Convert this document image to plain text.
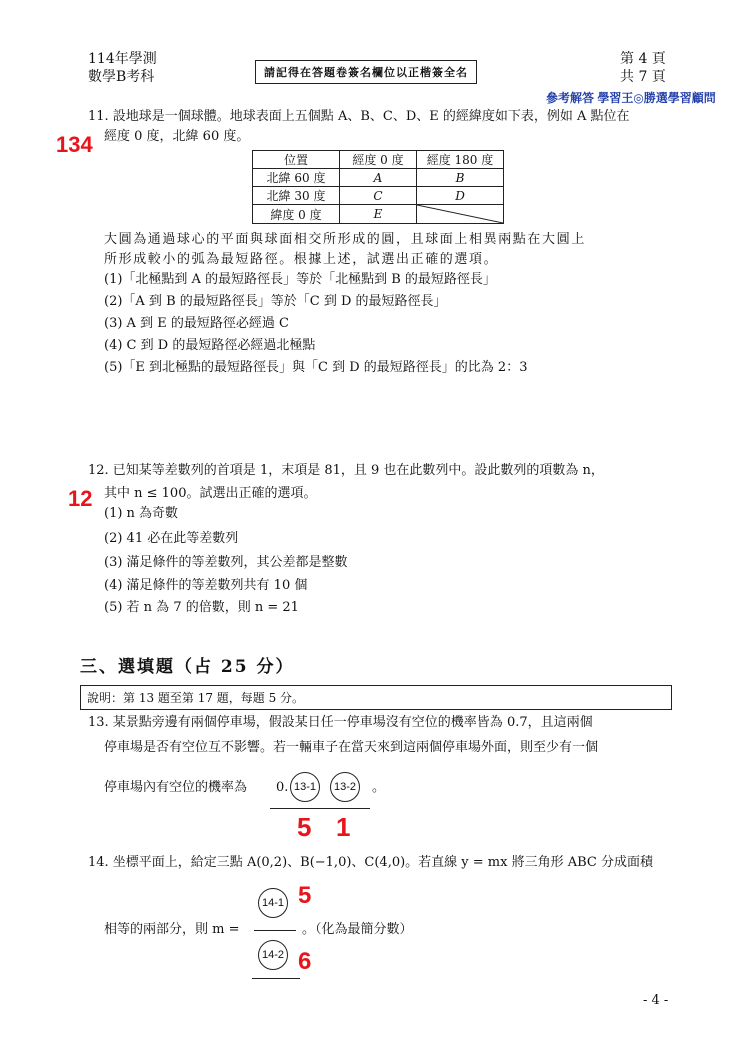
114年學測
數學B考科	請記得在答題卷簽名欄位以正楷簽全名
第 4 頁
共 7 頁
參考解答 學習王◎勝選學習顧問
11. 設地球是一個球體。地球表面上五個點 A、B、C、D、E 的經緯度如下表，例如 A 點位在
經度 0 度，北緯 60 度。
134
位置	經度 0 度	經度 180 度
北緯 60 度	A	B
北緯 30 度	C	D
緯度 0 度	E	
大圓為通過球心的平面與球面相交所形成的圓，且球面上相異兩點在大圓上
所形成較小的弧為最短路徑。根據上述，試選出正確的選項。
(1)「北極點到 A 的最短路徑長」等於「北極點到 B 的最短路徑長」
(2)「A 到 B 的最短路徑長」等於「C 到 D 的最短路徑長」
(3) A 到 E 的最短路徑必經過 C
(4) C 到 D 的最短路徑必經過北極點
(5)「E 到北極點的最短路徑長」與「C 到 D 的最短路徑長」的比為 2：3
12. 已知某等差數列的首項是 1，末項是 81，且 9 也在此數列中。設此數列的項數為 n，
其中 n ≤ 100。試選出正確的選項。
12
(1) n 為奇數
(2) 41 必在此等差數列
(3) 滿足條件的等差數列，其公差都是整數
(4) 滿足條件的等差數列共有 10 個
(5) 若 n 為 7 的倍數，則 n = 21
三、選填題（占 25 分）
說明：第 13 題至第 17 題，每題 5 分。
13. 某景點旁邊有兩個停車場，假設某日任一停車場沒有空位的機率皆為 0.7，且這兩個
停車場是否有空位互不影響。若一輛車子在當天來到這兩個停車場外面，則至少有一個
停車場內有空位的機率為 0. 13-1	13-2	。
5 1
14. 坐標平面上，給定三點 A(0,2)、B(−1,0)、C(4,0)。若直線 y = mx 將三角形 ABC 分成面積
14-1 5
相等的兩部分，則 m =	。（化為最簡分數）
14-2 6
- 4 -
